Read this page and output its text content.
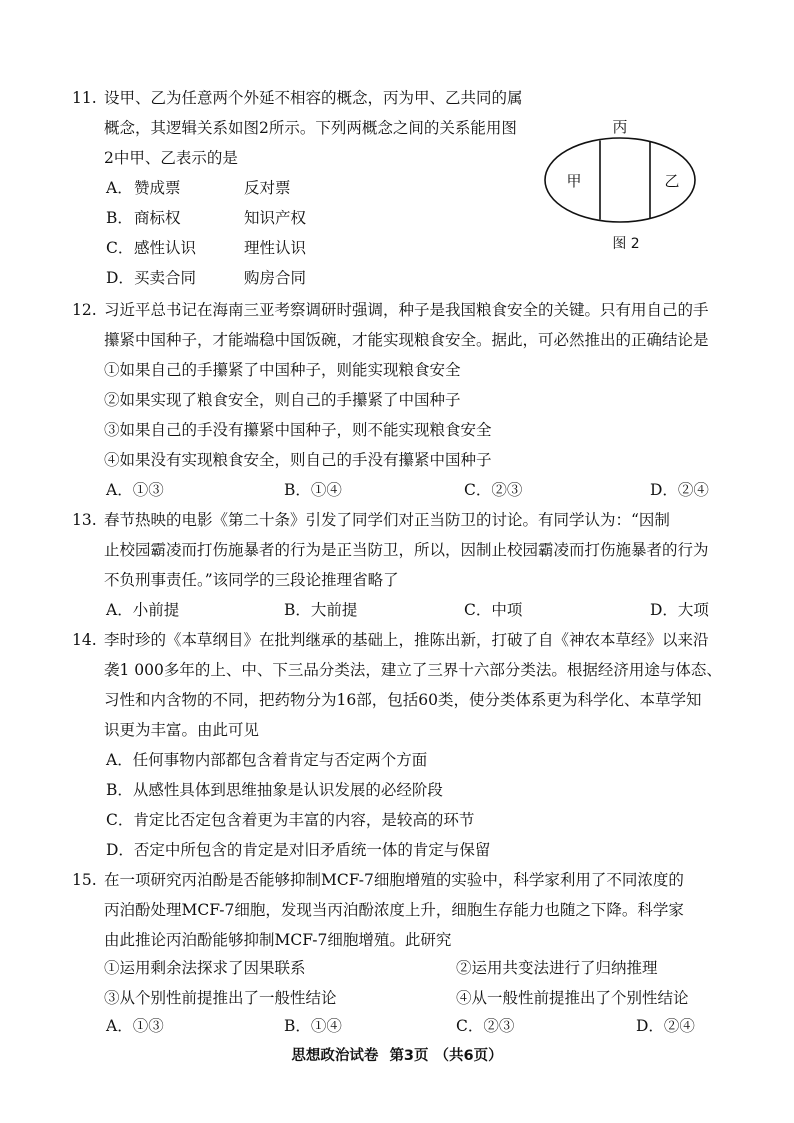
11. 设甲、乙为任意两个外延不相容的概念，丙为甲、乙共同的属
概念，其逻辑关系如图2所示。下列两概念之间的关系能用图
2中甲、乙表示的是
A． 赞成票	反对票
B． 商标权	知识产权
C． 感性认识	理性认识
D． 买卖合同	购房合同
丙
甲	乙
图 2
12. 习近平总书记在海南三亚考察调研时强调，种子是我国粮食安全的关键。只有用自己的手
攥紧中国种子，才能端稳中国饭碗，才能实现粮食安全。据此，可必然推出的正确结论是
①如果自己的手攥紧了中国种子，则能实现粮食安全
②如果实现了粮食安全，则自己的手攥紧了中国种子
③如果自己的手没有攥紧中国种子，则不能实现粮食安全
④如果没有实现粮食安全，则自己的手没有攥紧中国种子
A．①③	B．①④	C．②③	D．②④
13. 春节热映的电影《第二十条》引发了同学们对正当防卫的讨论。有同学认为：“因制
止校园霸凌而打伤施暴者的行为是正当防卫，所以，因制止校园霸凌而打伤施暴者的行为
不负刑事责任。”该同学的三段论推理省略了
A．小前提	B．大前提	C．中项	D．大项
14. 李时珍的《本草纲目》在批判继承的基础上，推陈出新，打破了自《神农本草经》以来沿
袭1 000多年的上、中、下三品分类法，建立了三界十六部分类法。根据经济用途与体态、
习性和内含物的不同，把药物分为16部，包括60类，使分类体系更为科学化、本草学知
识更为丰富。由此可见
A．任何事物内部都包含着肯定与否定两个方面
B．从感性具体到思维抽象是认识发展的必经阶段
C．肯定比否定包含着更为丰富的内容，是较高的环节
D．否定中所包含的肯定是对旧矛盾统一体的肯定与保留
15. 在一项研究丙泊酚是否能够抑制MCF-7细胞增殖的实验中，科学家利用了不同浓度的
丙泊酚处理MCF-7细胞，发现当丙泊酚浓度上升，细胞生存能力也随之下降。科学家
由此推论丙泊酚能够抑制MCF-7细胞增殖。此研究
①运用剩余法探求了因果联系	②运用共变法进行了归纳推理
③从个别性前提推出了一般性结论	④从一般性前提推出了个别性结论
A．①③	B．①④	C．②③	D．②④
思想政治试卷 第3页 （共6页）
